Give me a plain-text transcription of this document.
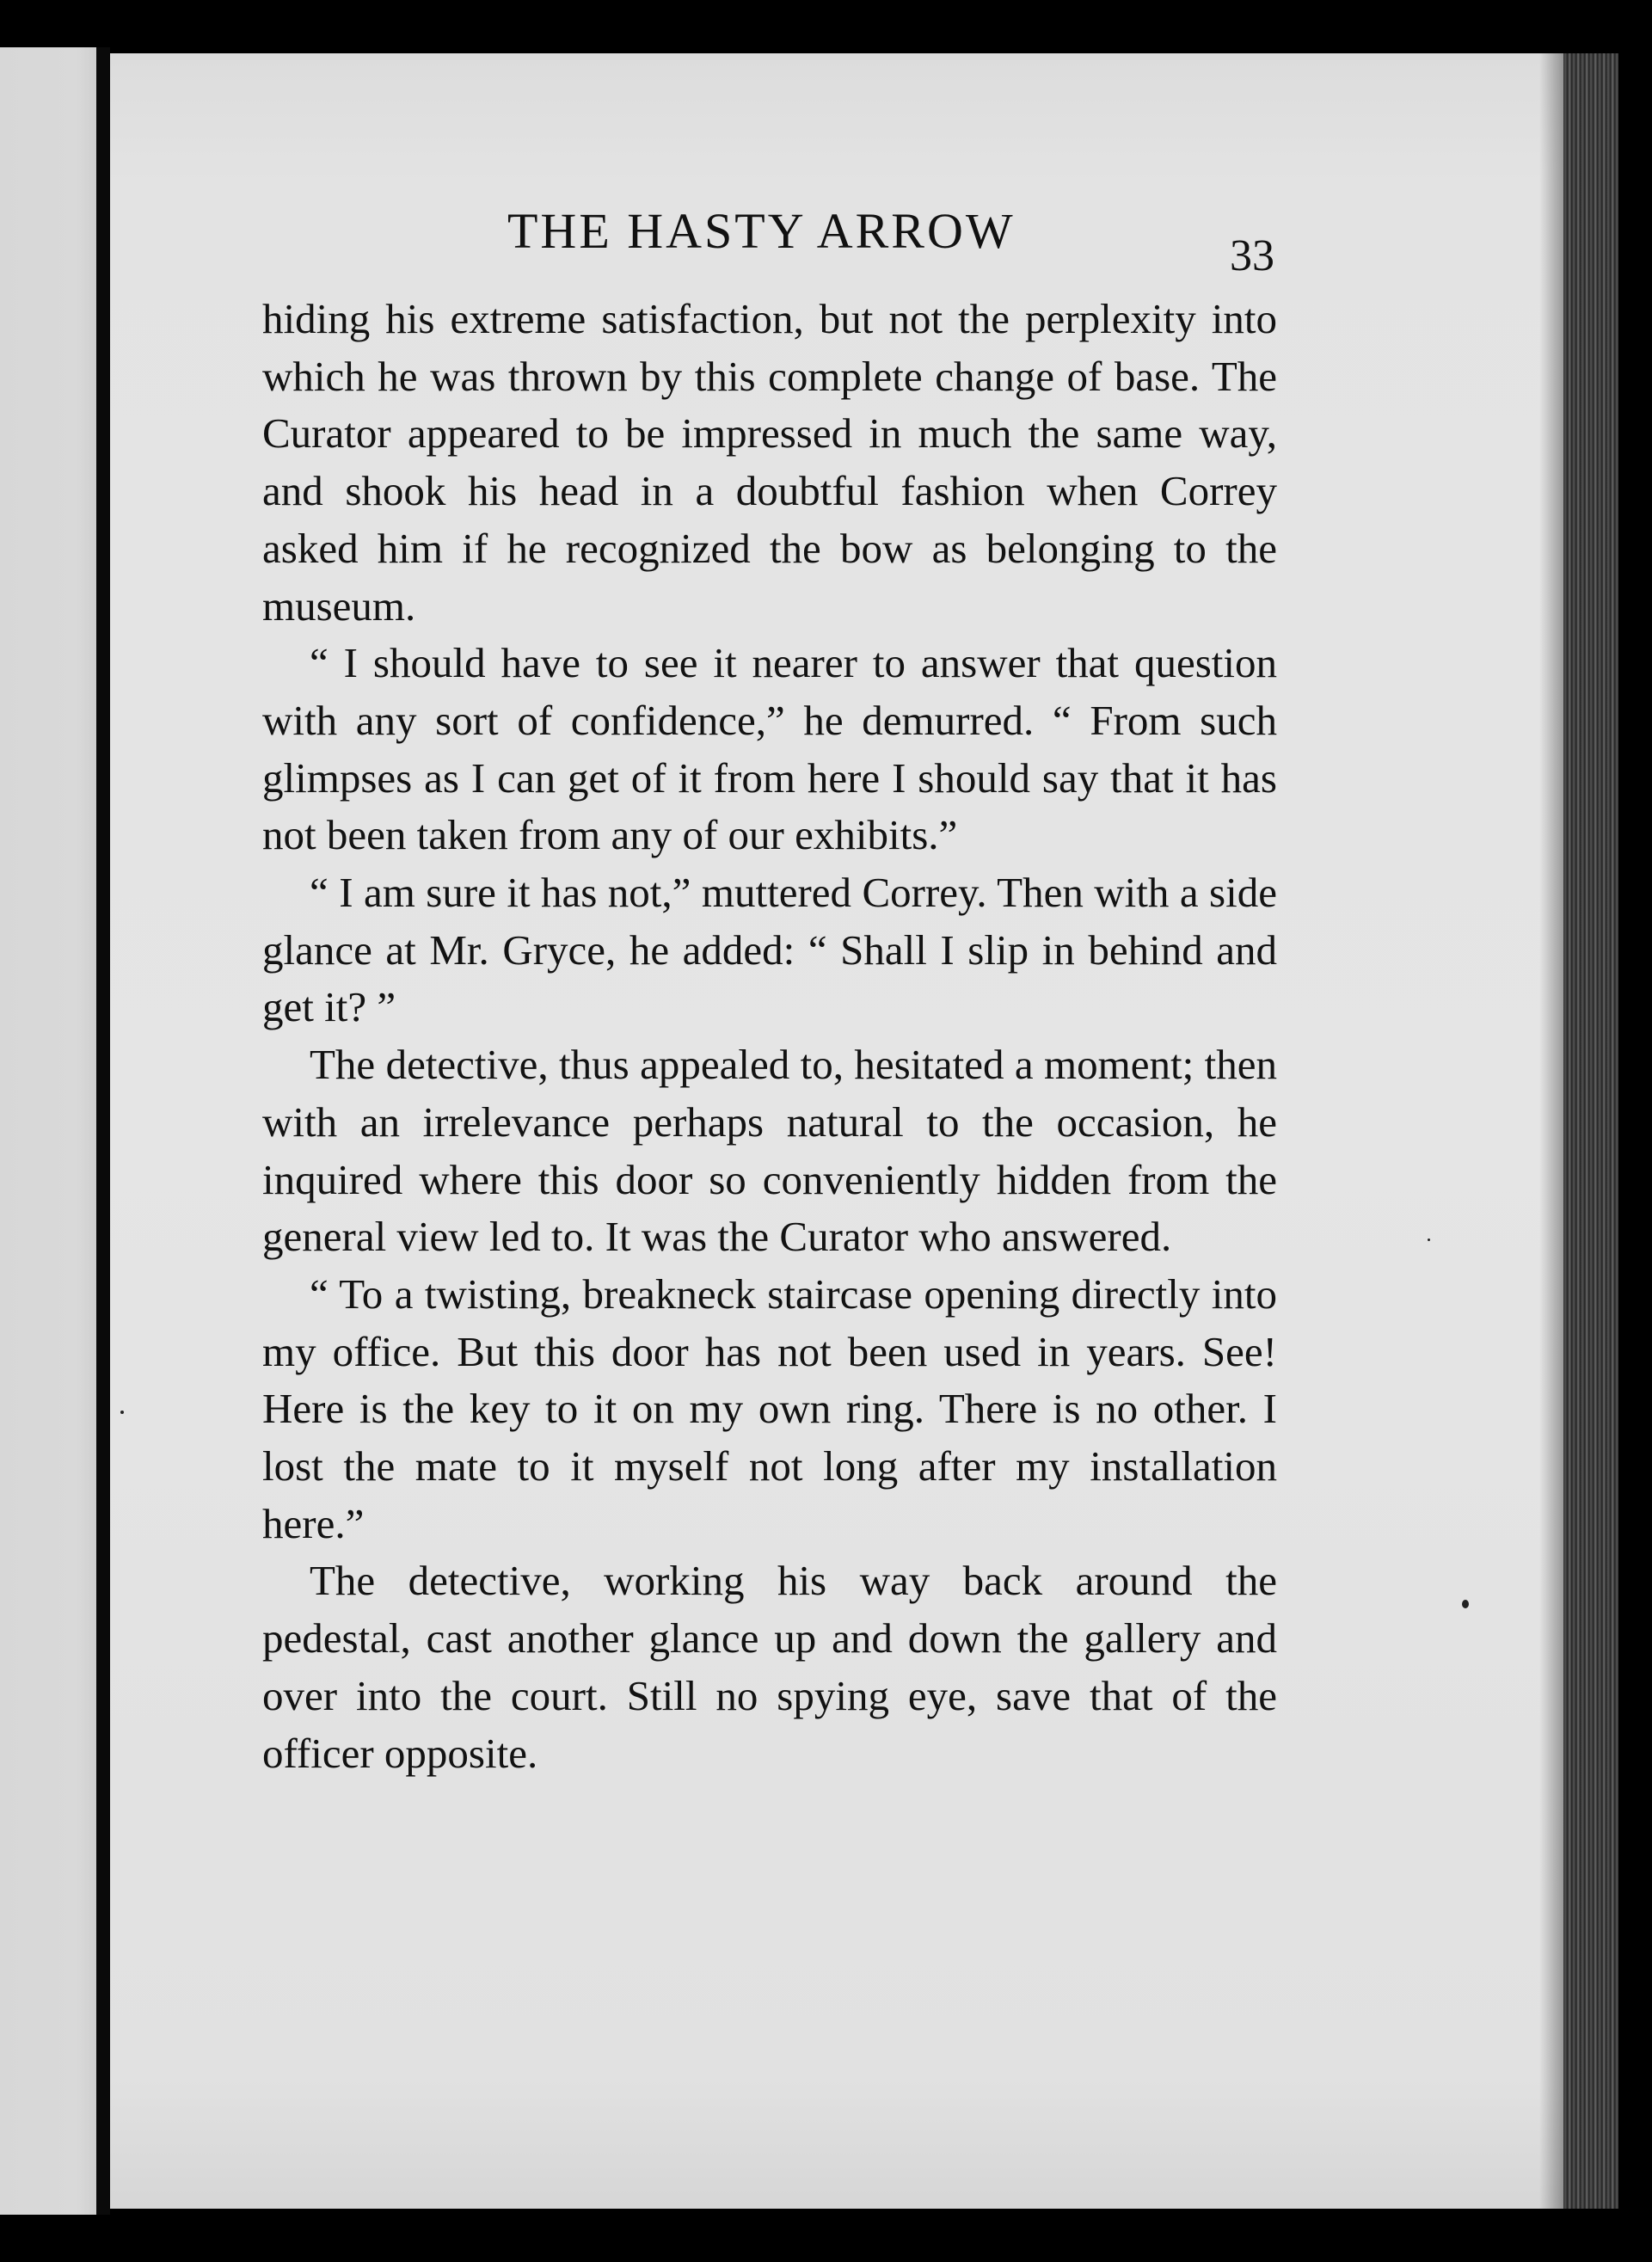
THE HASTY ARROW	33

hiding his extreme satisfaction, but not the perplexity into which he was thrown by this complete change of base. The Curator appeared to be impressed in much the same way, and shook his head in a doubtful fashion when Correy asked him if he recognized the bow as belonging to the museum.

“ I should have to see it nearer to answer that question with any sort of confidence,” he demurred. “ From such glimpses as I can get of it from here I should say that it has not been taken from any of our exhibits.”

“ I am sure it has not,” muttered Correy. Then with a side glance at Mr. Gryce, he added: “ Shall I slip in behind and get it? ”

The detective, thus appealed to, hesitated a moment; then with an irrelevance perhaps natural to the occasion, he inquired where this door so conveniently hidden from the general view led to. It was the Curator who answered.

“ To a twisting, breakneck staircase opening directly into my office. But this door has not been used in years. See! Here is the key to it on my own ring. There is no other. I lost the mate to it myself not long after my installation here.”

The detective, working his way back around the pedestal, cast another glance up and down the gallery and over into the court. Still no spying eye, save that of the officer opposite.
